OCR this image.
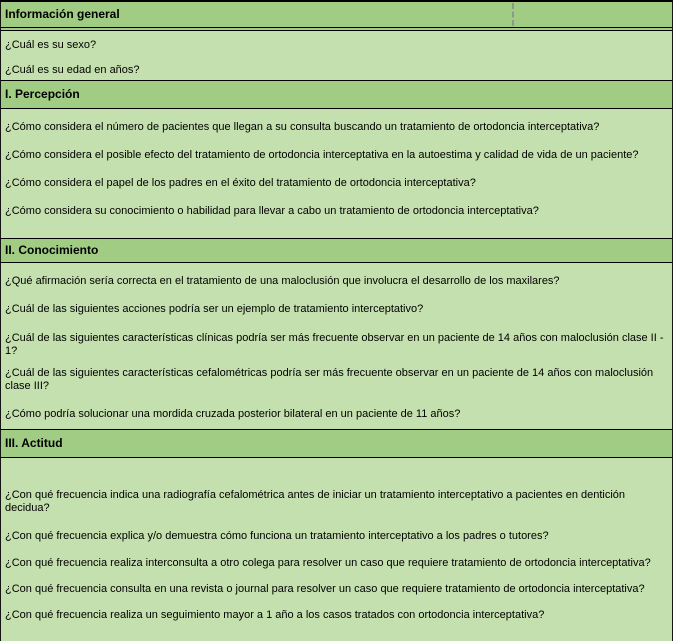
Información general
¿Cuál es su sexo?
¿Cuál es su edad en años?
I. Percepción
¿Cómo considera el número de pacientes que llegan a su consulta buscando un tratamiento de ortodoncia interceptativa?
¿Cómo considera el posible efecto del tratamiento de ortodoncia interceptativa en la autoestima y calidad de vida de un paciente?
¿Cómo considera el papel de los padres en el éxito del tratamiento de ortodoncia interceptativa?
¿Cómo considera su conocimiento o habilidad para llevar a cabo un tratamiento de ortodoncia interceptativa?
II. Conocimiento
¿Qué afirmación sería correcta en el tratamiento de una maloclusión que involucra el desarrollo de los maxilares?
¿Cuál de las siguientes acciones podría ser un ejemplo de tratamiento interceptativo?
¿Cuál de las siguientes características clínicas podría ser más frecuente observar en un paciente de 14 años con maloclusión clase II - 1?
¿Cuál de las siguientes características cefalométricas podría ser más frecuente observar en un paciente de 14 años con maloclusión clase III?
¿Cómo podría solucionar una mordida cruzada posterior bilateral en un paciente de 11 años?
III. Actitud
¿Con qué frecuencia indica una radiografía cefalométrica antes de iniciar un tratamiento interceptativo a pacientes en dentición decidua?
¿Con qué frecuencia explica y/o demuestra cómo funciona un tratamiento interceptativo a los padres o tutores?
¿Con qué frecuencia realiza interconsulta a otro colega para resolver un caso que requiere tratamiento de ortodoncia interceptativa?
¿Con qué frecuencia consulta en una revista o journal para resolver un caso que requiere tratamiento de ortodoncia interceptativa?
¿Con qué frecuencia realiza un seguimiento mayor a 1 año a los casos tratados con ortodoncia interceptativa?
